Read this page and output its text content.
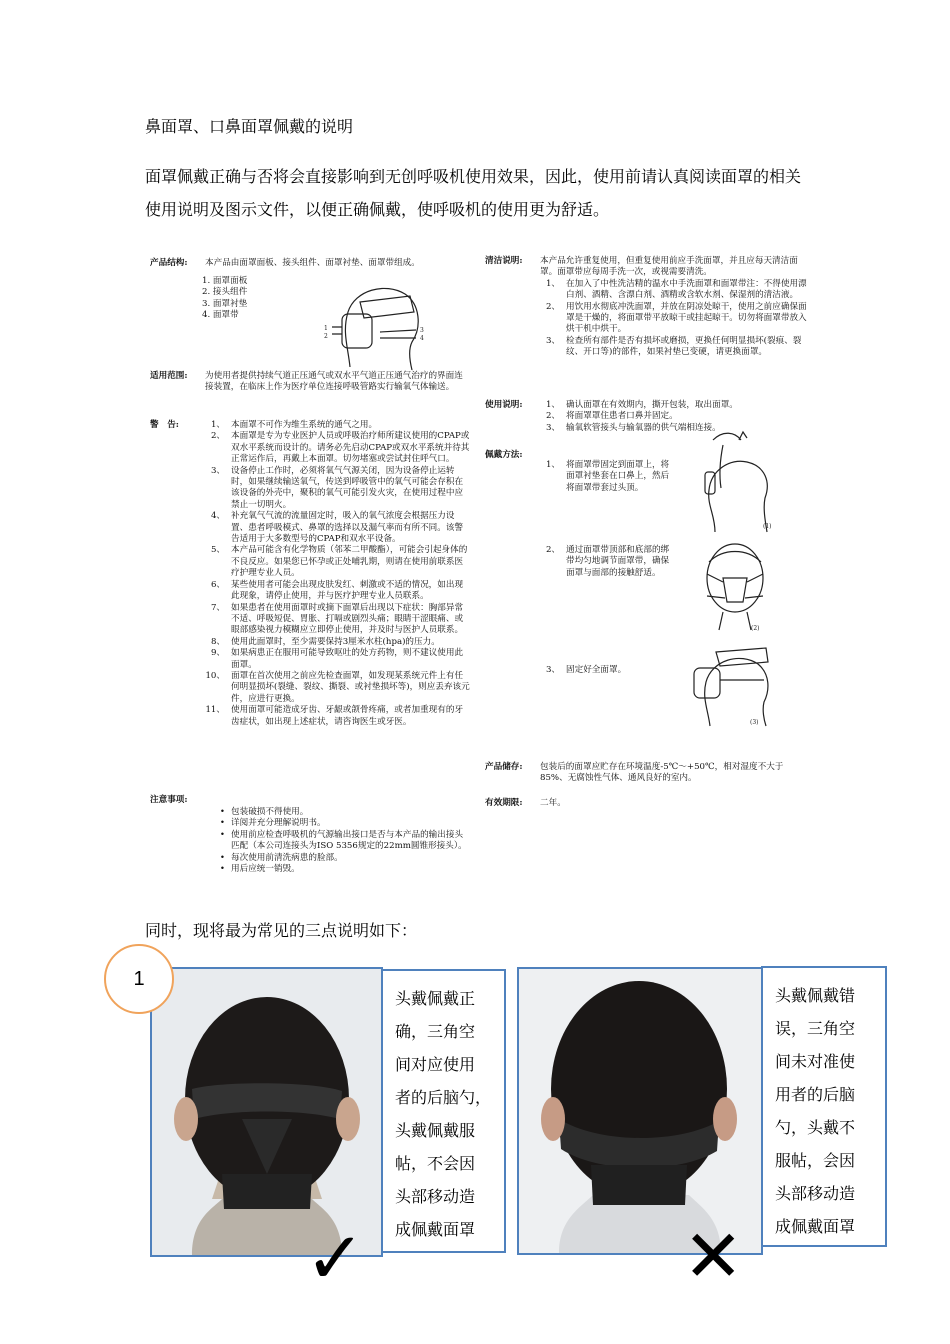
鼻面罩、口鼻面罩佩戴的说明
面罩佩戴正确与否将会直接影响到无创呼吸机使用效果，因此，使用前请认真阅读面罩的相关使用说明及图示文件，以便正确佩戴，使呼吸机的使用更为舒适。
产品结构:	本产品由面罩面板、接头组件、面罩衬垫、面罩带组成。
1. 面罩面板
2. 接头组件
3. 面罩衬垫
4. 面罩带
1
2
3
4
适用范围:	为使用者提供持续气道正压通气或双水平气道正压通气治疗的界面连接装置，在临床上作为医疗单位连接呼吸管路实行输氧气体输送。
警　告:	1、 本面罩不可作为维生系统的通气之用。
2、 本面罩是专为专业医护人员或呼吸治疗师所建议使用的CPAP或双水平系统而设计的。请务必先启动CPAP或双水平系统并待其正常运作后，再戴上本面罩。切勿堵塞或尝试封住呼气口。
3、 设备停止工作时，必须将氧气气源关闭，因为设备停止运转时，如果继续输送氧气，传送到呼吸管中的氧气可能会存积在该设备的外壳中，聚积的氧气可能引发火灾，在使用过程中应禁止一切明火。
4、 补充氧气气流的流量固定时，吸入的氧气浓度会根据压力设置、患者呼吸模式、鼻罩的选择以及漏气率而有所不同。该警告适用于大多数型号的CPAP和双水平设备。
5、 本产品可能含有化学物质（邻苯二甲酸酯），可能会引起身体的不良反应。如果您已怀孕或正处哺乳期，则请在使用前联系医疗护理专业人员。
6、 某些使用者可能会出现皮肤发红、刺激或不适的情况，如出现此现象，请停止使用，并与医疗护理专业人员联系。
7、 如果患者在使用面罩时或摘下面罩后出现以下症状：胸部异常不适、呼吸短促、胃胀、打嗝或剧烈头痛；眼睛干涩眼痛、或眼部感染视力模糊应立即停止使用，并及时与医护人员联系。
8、 使用此面罩时，至少需要保持3厘米水柱(hpa)的压力。
9、 如果病患正在服用可能导致呕吐的处方药物，则不建议使用此面罩。
10、 面罩在首次使用之前应先检查面罩，如发现某系统元件上有任何明显损坏(裂缝、裂纹、撕裂、或衬垫损坏等)，则应丢弃该元件，应进行更换。
11、 使用面罩可能造成牙齿、牙龈或颌骨疼痛，或者加重现有的牙齿症状，如出现上述症状，请咨询医生或牙医。
注意事项:
• 包装破损不得使用。
• 详阅并充分理解说明书。
• 使用前应检查呼吸机的气源输出接口是否与本产品的输出接头匹配（本公司连接头为ISO 5356规定的22mm圆锥形接头）。
• 每次使用前清洗病患的脸部。
• 用后应统一销毁。
清洁说明:	本产品允许重复使用，但重复使用前应手洗面罩，并且应每天清洁面罩。面罩带应每周手洗一次，或视需要清洗。
1、 在加入了中性洗洁精的温水中手洗面罩和面罩带注：不得使用漂白剂、酒精、含漂白剂、酒精或含软水剂、保湿剂的清洁液。
2、 用饮用水彻底冲洗面罩，并放在阴凉处晾干，使用之前应确保面罩是干燥的，将面罩带平放晾干或挂起晾干。切勿将面罩带放入烘干机中烘干。
3、 检查所有部件是否有损坏或磨损，更换任何明显损坏(裂痕、裂纹、开口等)的部件，如果衬垫已变硬，请更换面罩。
使用说明:	1、 确认面罩在有效期内，撕开包装，取出面罩。
2、 将面罩罩住患者口鼻并固定。
3、 输氧软管接头与输氧器的供气端相连接。
佩戴方法:
1、 将面罩带固定到面罩上，将面罩衬垫套在口鼻上，然后将面罩带套过头顶。
2、 通过面罩带顶部和底部的绑带均匀地调节面罩带，确保面罩与面部的接触舒适。
3、 固定好全面罩。
(1)
(2)
(3)
产品储存:	包装后的面罩应贮存在环境温度-5℃～+50℃，相对湿度不大于85%、无腐蚀性气体、通风良好的室内。
有效期限:	二年。
同时，现将最为常见的三点说明如下：
头戴佩戴正
确，三角空
间对应使用
者的后脑勺，
头戴佩戴服
帖，不会因
头部移动造
成佩戴面罩
✓
1
头戴佩戴错
误，三角空
间未对准使
用者的后脑
勺，头戴不
服帖，会因
头部移动造
成佩戴面罩
✕
